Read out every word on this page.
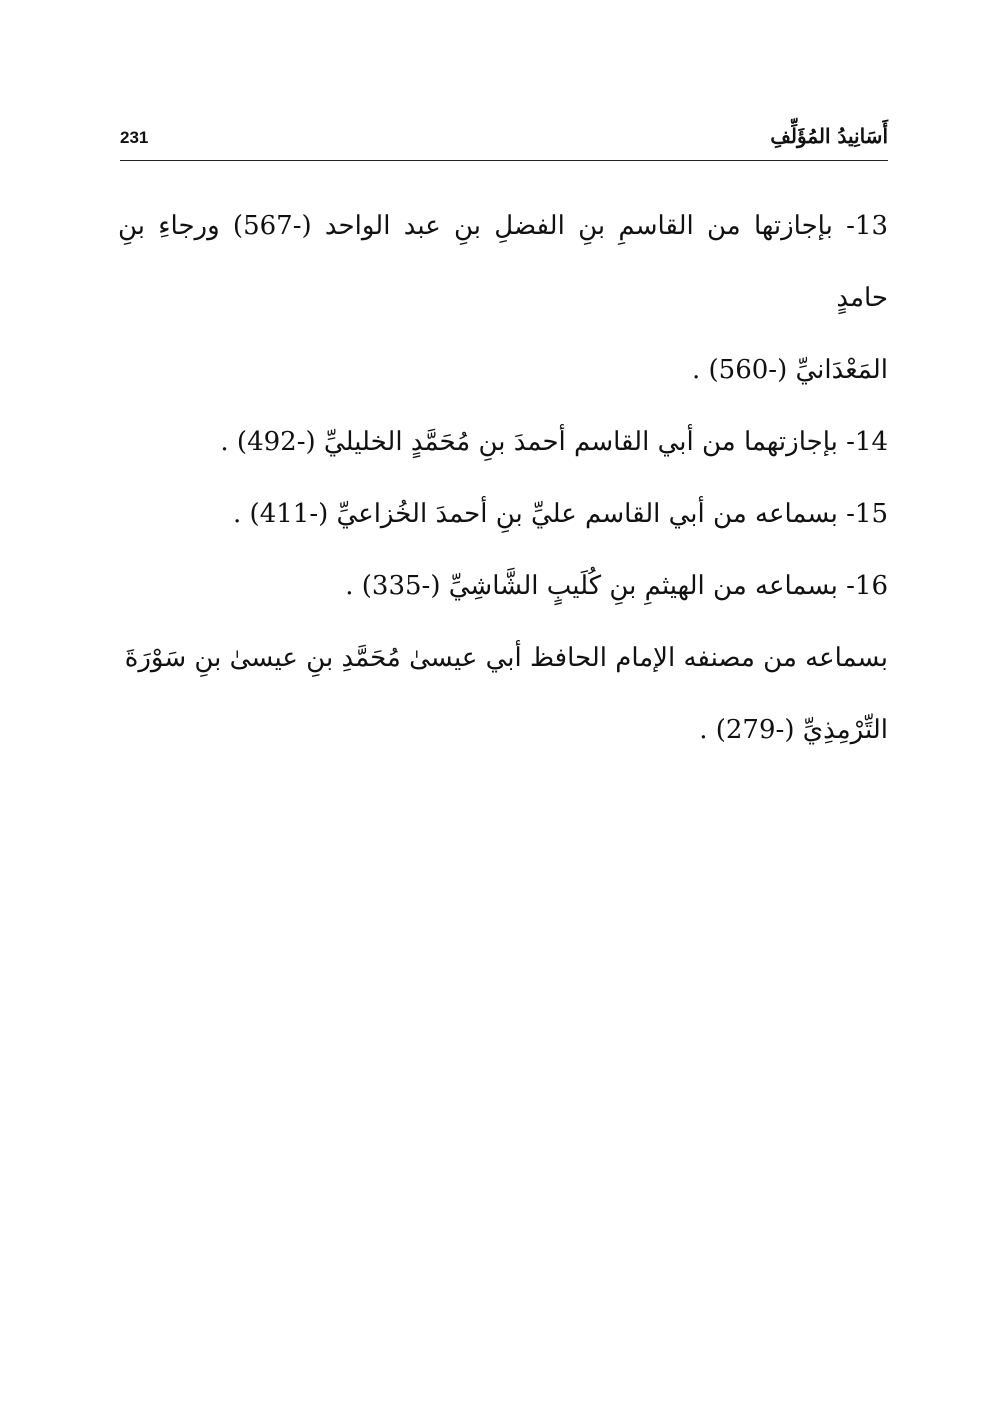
أَسَانِيدُ المُؤَلِّفِ
231

13- بإجازتها من القاسمِ بنِ الفضلِ بنِ عبد الواحد (-567) ورجاءِ بنِ حامدٍ
المَعْدَانيِّ (-560) .

14- بإجازتهما من أبي القاسم أحمدَ بنِ مُحَمَّدٍ الخليليِّ (-492) .

15- بسماعه من أبي القاسم عليِّ بنِ أحمدَ الخُزاعيِّ (-411) .

16- بسماعه من الهيثمِ بنِ كُلَيبٍ الشَّاشِيِّ (-335) .

بسماعه من مصنفه الإمام الحافظ أبي عيسىٰ مُحَمَّدِ بنِ عيسىٰ بنِ سَوْرَةَ
التِّرْمِذِيِّ (-279) .
